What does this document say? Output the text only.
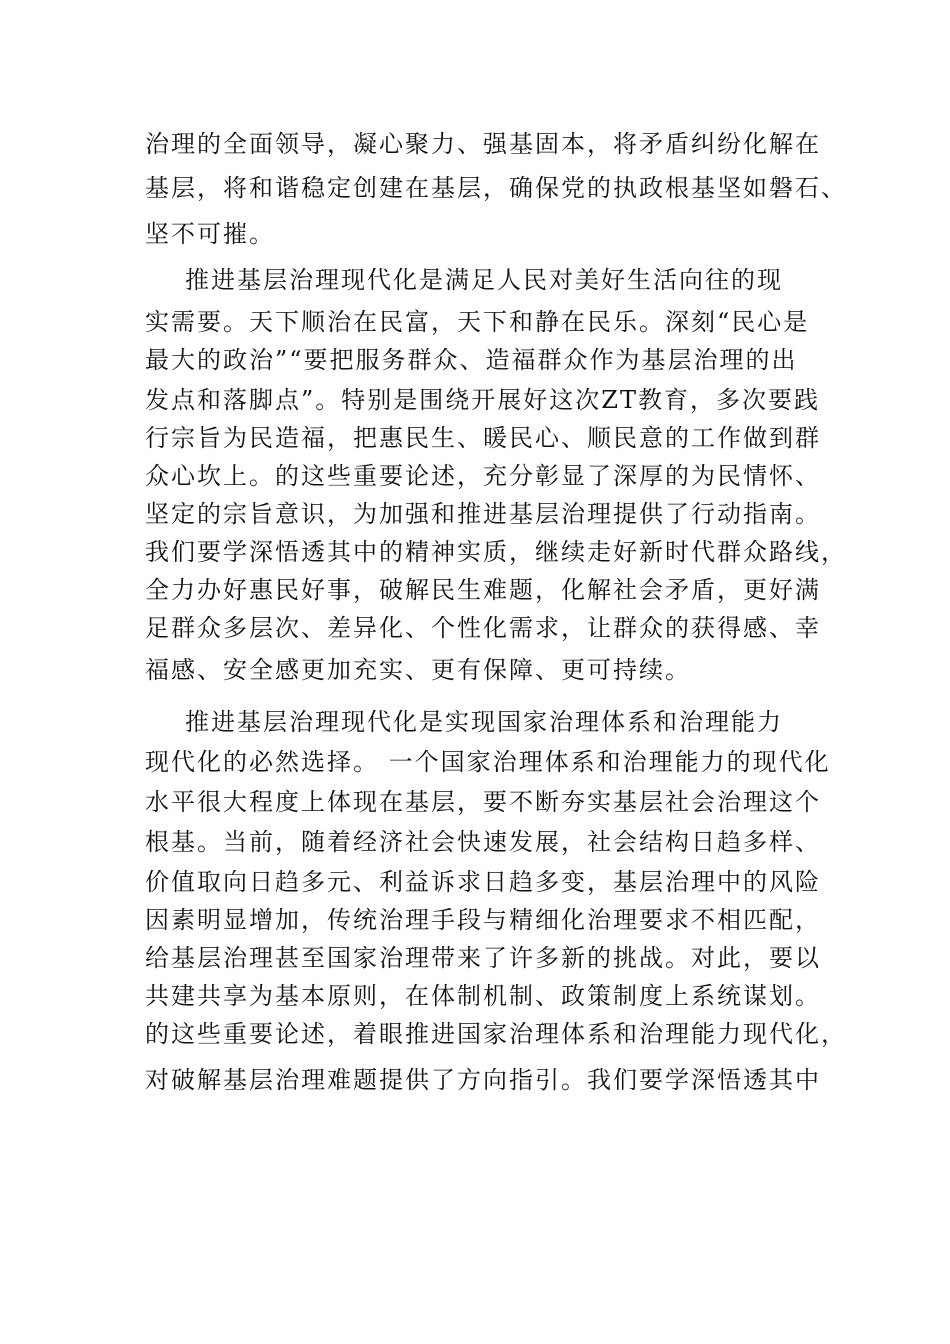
治理的全面领导，凝心聚力、强基固本，将矛盾纠纷化解在
基层，将和谐稳定创建在基层，确保党的执政根基坚如磐石、
坚不可摧。
推进基层治理现代化是满足人民对美好生活向往的现
实需要。天下顺治在民富，天下和静在民乐。深刻“民心是
最大的政治”“要把服务群众、造福群众作为基层治理的出
发点和落脚点”。特别是围绕开展好这次ZT教育，多次要践
行宗旨为民造福，把惠民生、暖民心、顺民意的工作做到群
众心坎上。的这些重要论述，充分彰显了深厚的为民情怀、
坚定的宗旨意识，为加强和推进基层治理提供了行动指南。
我们要学深悟透其中的精神实质，继续走好新时代群众路线，
全力办好惠民好事，破解民生难题，化解社会矛盾，更好满
足群众多层次、差异化、个性化需求，让群众的获得感、幸
福感、安全感更加充实、更有保障、更可持续。
推进基层治理现代化是实现国家治理体系和治理能力
现代化的必然选择。 一个国家治理体系和治理能力的现代化
水平很大程度上体现在基层，要不断夯实基层社会治理这个
根基。当前，随着经济社会快速发展，社会结构日趋多样、
价值取向日趋多元、利益诉求日趋多变，基层治理中的风险
因素明显增加，传统治理手段与精细化治理要求不相匹配，
给基层治理甚至国家治理带来了许多新的挑战。对此，要以
共建共享为基本原则，在体制机制、政策制度上系统谋划。
的这些重要论述，着眼推进国家治理体系和治理能力现代化，
对破解基层治理难题提供了方向指引。我们要学深悟透其中
